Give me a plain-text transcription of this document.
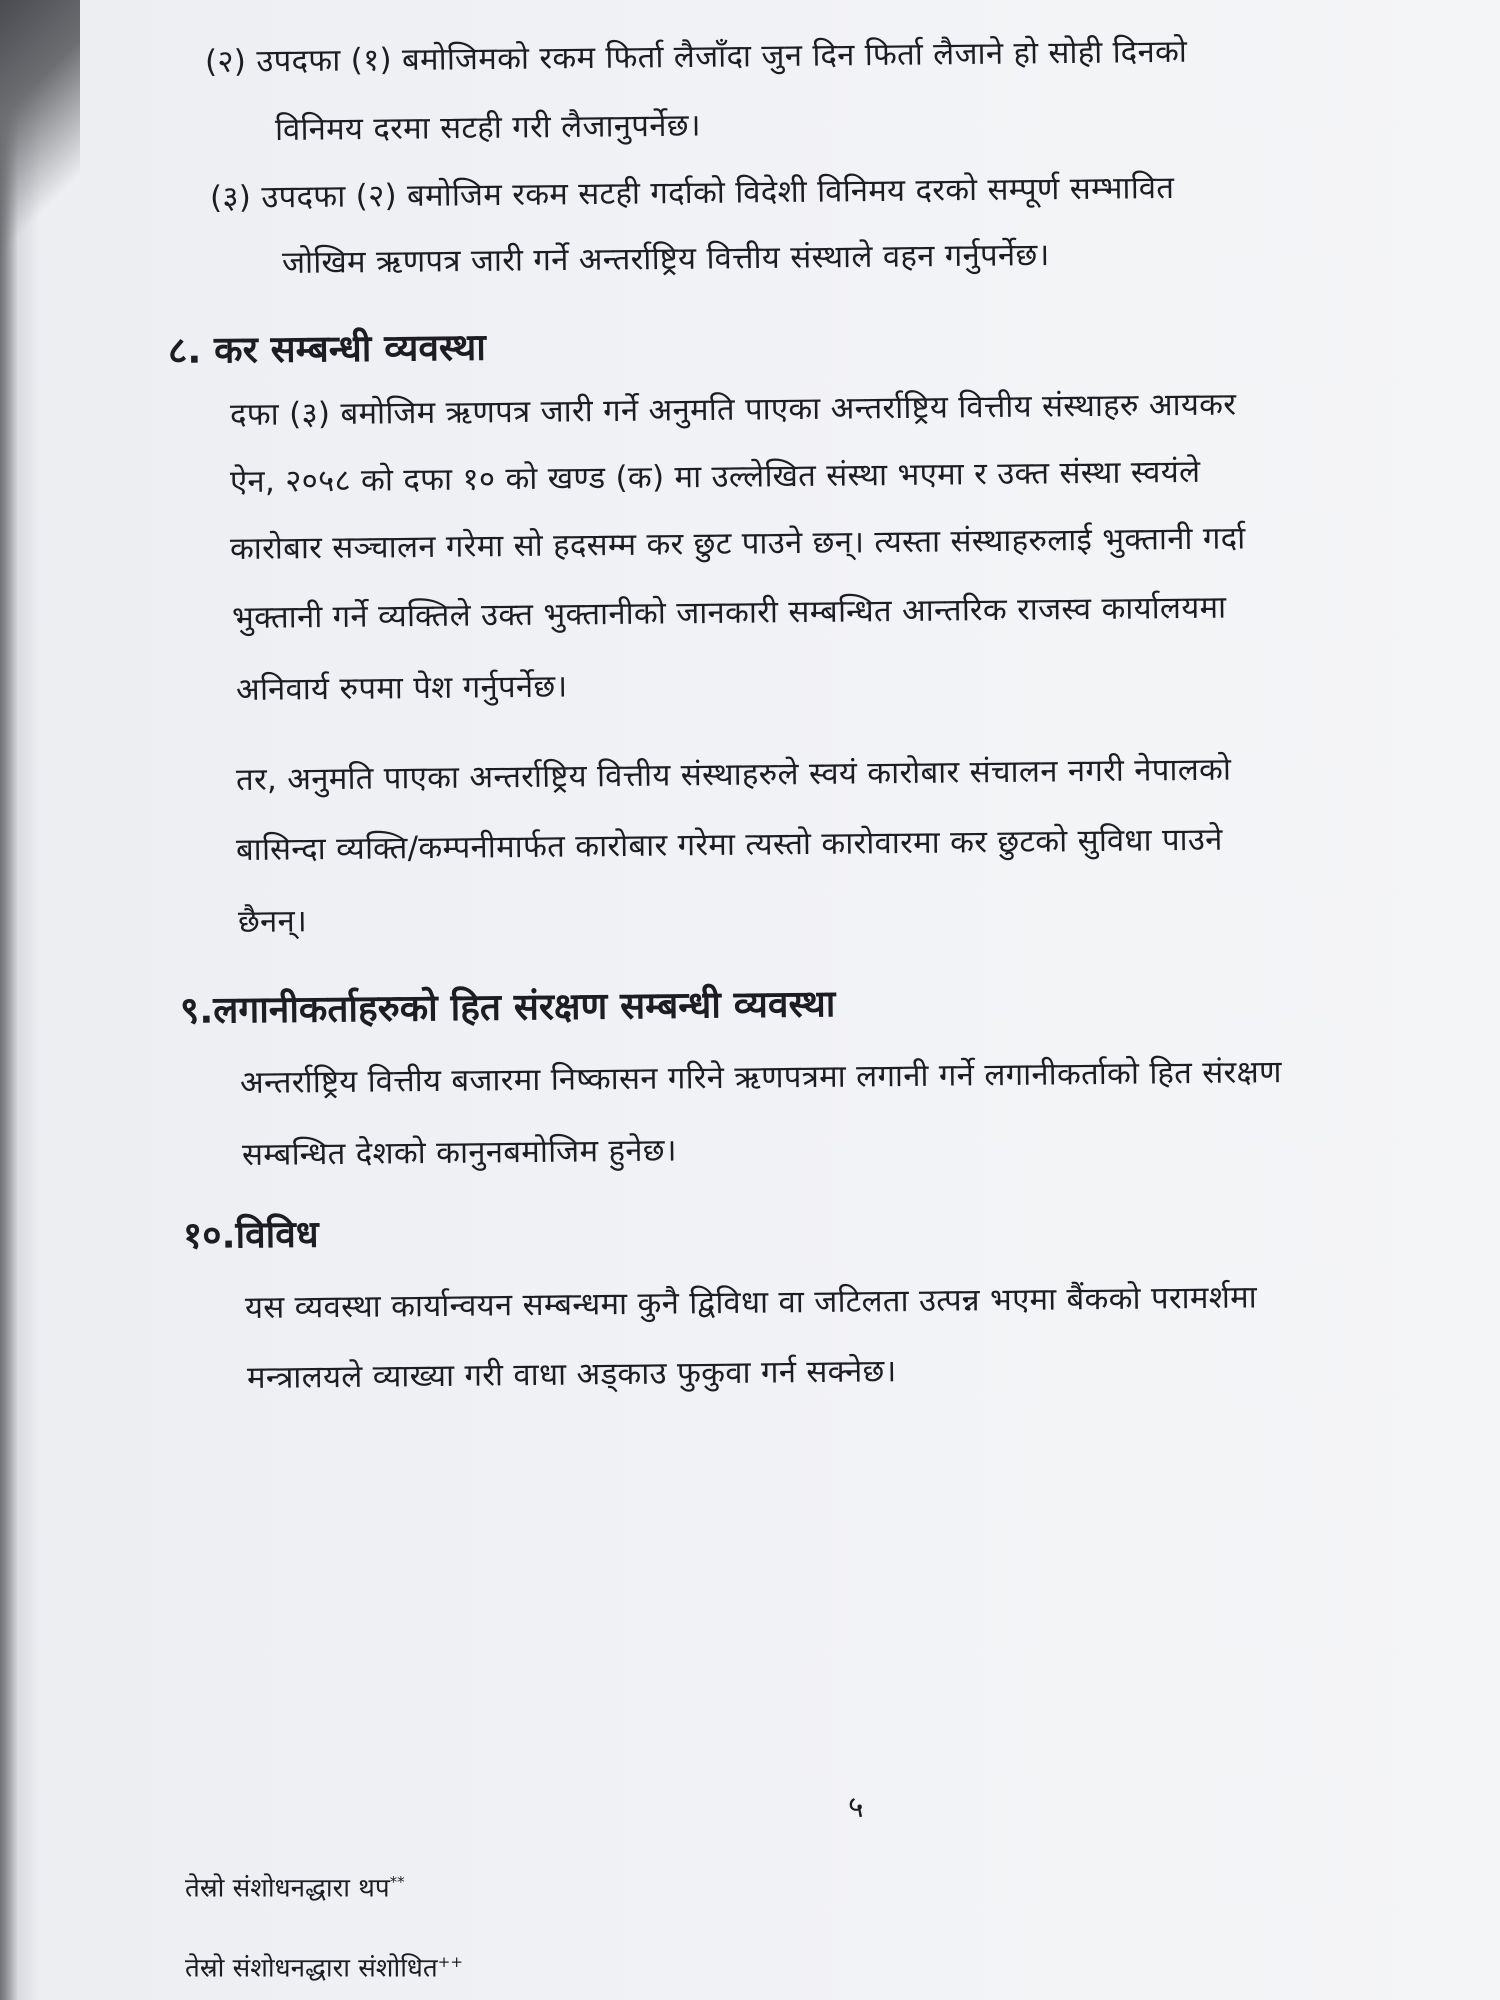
(२) उपदफा (१) बमोजिमको रकम फिर्ता लैजाँदा जुन दिन फिर्ता लैजाने हो सोही दिनको
विनिमय दरमा सटही गरी लैजानुपर्नेछ।
(३) उपदफा (२) बमोजिम रकम सटही गर्दाको विदेशी विनिमय दरको सम्पूर्ण सम्भावित
जोखिम ऋणपत्र जारी गर्ने अन्तर्राष्ट्रिय वित्तीय संस्थाले वहन गर्नुपर्नेछ।
८. कर सम्बन्धी व्यवस्था
दफा (३) बमोजिम ऋणपत्र जारी गर्ने अनुमति पाएका अन्तर्राष्ट्रिय वित्तीय संस्थाहरु आयकर
ऐन, २०५८ को दफा १० को खण्ड (क) मा उल्लेखित संस्था भएमा र उक्त संस्था स्वयंले
कारोबार सञ्चालन गरेमा सो हदसम्म कर छुट पाउने छन्। त्यस्ता संस्थाहरुलाई भुक्तानी गर्दा
भुक्तानी गर्ने व्यक्तिले उक्त भुक्तानीको जानकारी सम्बन्धित आन्तरिक राजस्व कार्यालयमा
अनिवार्य रुपमा पेश गर्नुपर्नेछ।
तर, अनुमति पाएका अन्तर्राष्ट्रिय वित्तीय संस्थाहरुले स्वयं कारोबार संचालन नगरी नेपालको
बासिन्दा व्यक्ति/कम्पनीमार्फत कारोबार गरेमा त्यस्तो कारोवारमा कर छुटको सुविधा पाउने
छैनन्।
९.लगानीकर्ताहरुको हित संरक्षण सम्बन्धी व्यवस्था
अन्तर्राष्ट्रिय वित्तीय बजारमा निष्कासन गरिने ऋणपत्रमा लगानी गर्ने लगानीकर्ताको हित संरक्षण
सम्बन्धित देशको कानुनबमोजिम हुनेछ।
१०.विविध
यस व्यवस्था कार्यान्वयन सम्बन्धमा कुनै द्विविधा वा जटिलता उत्पन्न भएमा बैंकको परामर्शमा
मन्त्रालयले व्याख्या गरी वाधा अड्काउ फुकुवा गर्न सक्नेछ।
५
तेस्रो संशोधनद्धारा थप**
तेस्रो संशोधनद्धारा संशोधित++
